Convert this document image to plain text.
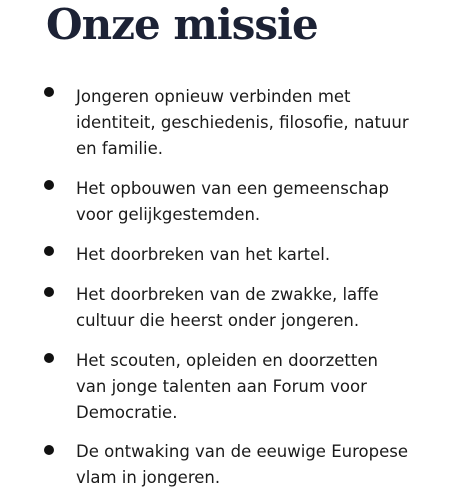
Onze missie
Jongeren opnieuw verbinden met
identiteit, geschiedenis, filosofie, natuur
en familie.
Het opbouwen van een gemeenschap
voor gelijkgestemden.
Het doorbreken van het kartel.
Het doorbreken van de zwakke, laffe
cultuur die heerst onder jongeren.
Het scouten, opleiden en doorzetten
van jonge talenten aan Forum voor
Democratie.
De ontwaking van de eeuwige Europese
vlam in jongeren.
